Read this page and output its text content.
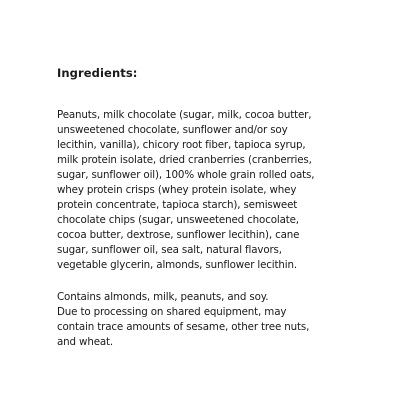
Ingredients:
Peanuts, milk chocolate (sugar, milk, cocoa butter,
unsweetened chocolate, sunflower and/or soy
lecithin, vanilla), chicory root fiber, tapioca syrup,
milk protein isolate, dried cranberries (cranberries,
sugar, sunflower oil), 100% whole grain rolled oats,
whey protein crisps (whey protein isolate, whey
protein concentrate, tapioca starch), semisweet
chocolate chips (sugar, unsweetened chocolate,
cocoa butter, dextrose, sunflower lecithin), cane
sugar, sunflower oil, sea salt, natural flavors,
vegetable glycerin, almonds, sunflower lecithin.
Contains almonds, milk, peanuts, and soy.
Due to processing on shared equipment, may
contain trace amounts of sesame, other tree nuts,
and wheat.
